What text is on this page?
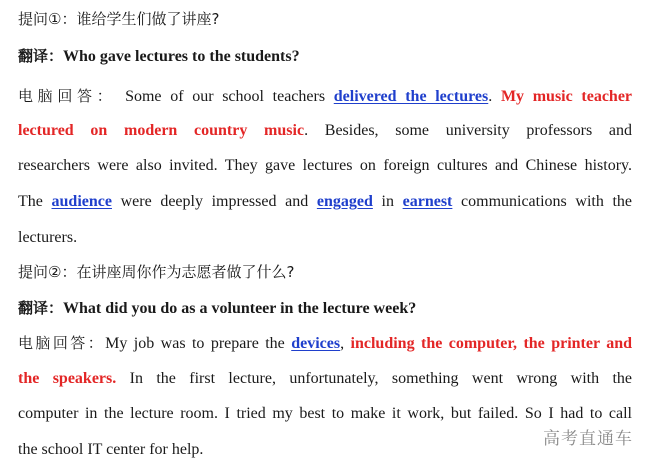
提问①：谁给学生们做了讲座?
翻译：Who gave lectures to the students?
电脑回答： Some of our school teachers delivered the lectures. My music teacher
lectured on modern country music. Besides, some university professors and
researchers were also invited. They gave lectures on foreign cultures and Chinese history.
The audience were deeply impressed and engaged in earnest communications with the
lecturers.
提问②：在讲座周你作为志愿者做了什么?
翻译：What did you do as a volunteer in the lecture week?
电脑回答：My job was to prepare the devices, including the computer, the printer and
the speakers. In the first lecture, unfortunately, something went wrong with the
computer in the lecture room. I tried my best to make it work, but failed. So I had to call
the school IT center for help.
高考直通车
